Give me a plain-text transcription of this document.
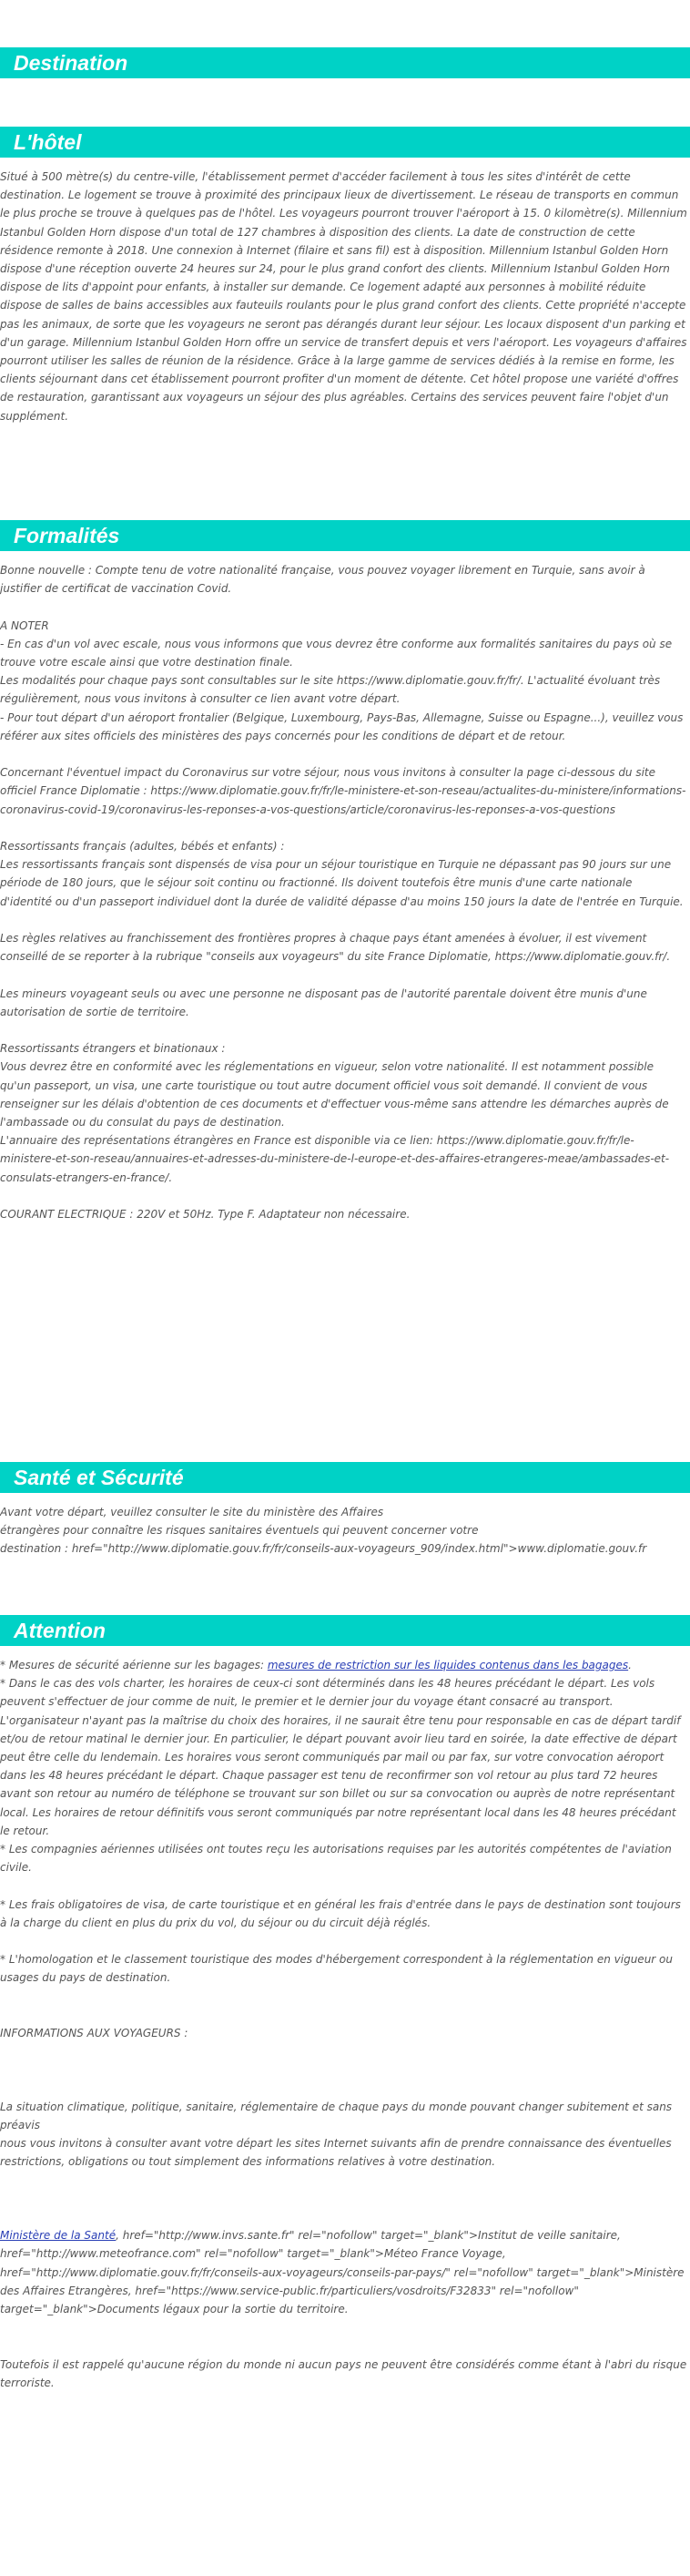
Destination
L'hôtel

Situé à 500 mètre(s) du centre-ville, l'établissement permet d'accéder facilement à tous les sites d'intérêt de cette destination. Le logement se trouve à proximité des principaux lieux de divertissement. Le réseau de transports en commun le plus proche se trouve à quelques pas de l'hôtel. Les voyageurs pourront trouver l'aéroport à 15. 0 kilomètre(s). Millennium Istanbul Golden Horn dispose d'un total de 127 chambres à disposition des clients. La date de construction de cette résidence remonte à 2018. Une connexion à Internet (filaire et sans fil) est à disposition. Millennium Istanbul Golden Horn dispose d'une réception ouverte 24 heures sur 24, pour le plus grand confort des clients. Millennium Istanbul Golden Horn dispose de lits d'appoint pour enfants, à installer sur demande. Ce logement adapté aux personnes à mobilité réduite dispose de salles de bains accessibles aux fauteuils roulants pour le plus grand confort des clients. Cette propriété n'accepte pas les animaux, de sorte que les voyageurs ne seront pas dérangés durant leur séjour. Les locaux disposent d'un parking et d'un garage. Millennium Istanbul Golden Horn offre un service de transfert depuis et vers l'aéroport. Les voyageurs d'affaires pourront utiliser les salles de réunion de la résidence. Grâce à la large gamme de services dédiés à la remise en forme, les clients séjournant dans cet établissement pourront profiter d'un moment de détente. Cet hôtel propose une variété d'offres de restauration, garantissant aux voyageurs un séjour des plus agréables. Certains des services peuvent faire l'objet d'un supplément.

Formalités

Bonne nouvelle : Compte tenu de votre nationalité française, vous pouvez voyager librement en Turquie, sans avoir à justifier de certificat de vaccination Covid.

A NOTER

- En cas d'un vol avec escale, nous vous informons que vous devrez être conforme aux formalités sanitaires du pays où se trouve votre escale ainsi que votre destination finale.

Les modalités pour chaque pays sont consultables sur le site https://www.diplomatie.gouv.fr/fr/. L'actualité évoluant très régulièrement, nous vous invitons à consulter ce lien avant votre départ.

- Pour tout départ d'un aéroport frontalier (Belgique, Luxembourg, Pays-Bas, Allemagne, Suisse ou Espagne...), veuillez vous référer aux sites officiels des ministères des pays concernés pour les conditions de départ et de retour.

Concernant l'éventuel impact du Coronavirus sur votre séjour, nous vous invitons à consulter la page ci-dessous du site officiel France Diplomatie : https://www.diplomatie.gouv.fr/fr/le-ministere-et-son-reseau/actualites-du-ministere/informations-coronavirus-covid-19/coronavirus-les-reponses-a-vos-questions/article/coronavirus-les-reponses-a-vos-questions

Ressortissants français (adultes, bébés et enfants) :

Les ressortissants français sont dispensés de visa pour un séjour touristique en Turquie ne dépassant pas 90 jours sur une période de 180 jours, que le séjour soit continu ou fractionné. Ils doivent toutefois être munis d'une carte nationale d'identité ou d'un passeport individuel dont la durée de validité dépasse d'au moins 150 jours la date de l'entrée en Turquie.

Les règles relatives au franchissement des frontières propres à chaque pays étant amenées à évoluer, il est vivement conseillé de se reporter à la rubrique "conseils aux voyageurs" du site France Diplomatie, https://www.diplomatie.gouv.fr/.

Les mineurs voyageant seuls ou avec une personne ne disposant pas de l'autorité parentale doivent être munis d'une autorisation de sortie de territoire.

Ressortissants étrangers et binationaux :

Vous devrez être en conformité avec les réglementations en vigueur, selon votre nationalité. Il est notamment possible qu'un passeport, un visa, une carte touristique ou tout autre document officiel vous soit demandé. Il convient de vous renseigner sur les délais d'obtention de ces documents et d'effectuer vous-même sans attendre les démarches auprès de l'ambassade ou du consulat du pays de destination.

L'annuaire des représentations étrangères en France est disponible via ce lien: https://www.diplomatie.gouv.fr/fr/le-ministere-et-son-reseau/annuaires-et-adresses-du-ministere-de-l-europe-et-des-affaires-etrangeres-meae/ambassades-et-consulats-etrangers-en-france/.

COURANT ELECTRIQUE : 220V et 50Hz. Type F. Adaptateur non nécessaire.

Santé et Sécurité

Avant votre départ, veuillez consulter le site du ministère des Affaires

étrangères pour connaître les risques sanitaires éventuels qui peuvent concerner votre

destination : href="http://www.diplomatie.gouv.fr/fr/conseils-aux-voyageurs_909/index.html">www.diplomatie.gouv.fr

Attention

* Mesures de sécurité aérienne sur les bagages: mesures de restriction sur les liquides contenus dans les bagages.

* Dans le cas des vols charter, les horaires de ceux-ci sont déterminés dans les 48 heures précédant le départ. Les vols peuvent s'effectuer de jour comme de nuit, le premier et le dernier jour du voyage étant consacré au transport. L'organisateur n'ayant pas la maîtrise du choix des horaires, il ne saurait être tenu pour responsable en cas de départ tardif et/ou de retour matinal le dernier jour. En particulier, le départ pouvant avoir lieu tard en soirée, la date effective de départ peut être celle du lendemain. Les horaires vous seront communiqués par mail ou par fax, sur votre convocation aéroport dans les 48 heures précédant le départ. Chaque passager est tenu de reconfirmer son vol retour au plus tard 72 heures avant son retour au numéro de téléphone se trouvant sur son billet ou sur sa convocation ou auprès de notre représentant local. Les horaires de retour définitifs vous seront communiqués par notre représentant local dans les 48 heures précédant le retour.

* Les compagnies aériennes utilisées ont toutes reçu les autorisations requises par les autorités compétentes de l'aviation civile.

* Les frais obligatoires de visa, de carte touristique et en général les frais d'entrée dans le pays de destination sont toujours à la charge du client en plus du prix du vol, du séjour ou du circuit déjà réglés.

* L'homologation et le classement touristique des modes d'hébergement correspondent à la réglementation en vigueur ou usages du pays de destination.

INFORMATIONS AUX VOYAGEURS :

La situation climatique, politique, sanitaire, réglementaire de chaque pays du monde pouvant changer subitement et sans préavis

nous vous invitons à consulter avant votre départ les sites Internet suivants afin de prendre connaissance des éventuelles restrictions, obligations ou tout simplement des informations relatives à votre destination.

Ministère de la Santé, href="http://www.invs.sante.fr" rel="nofollow" target="_blank">Institut de veille sanitaire, href="http://www.meteofrance.com" rel="nofollow" target="_blank">Méteo France Voyage, href="http://www.diplomatie.gouv.fr/fr/conseils-aux-voyageurs/conseils-par-pays/" rel="nofollow" target="_blank">Ministère des Affaires Etrangères, href="https://www.service-public.fr/particuliers/vosdroits/F32833" rel="nofollow" target="_blank">Documents légaux pour la sortie du territoire.

Toutefois il est rappelé qu'aucune région du monde ni aucun pays ne peuvent être considérés comme étant à l'abri du risque terroriste.
